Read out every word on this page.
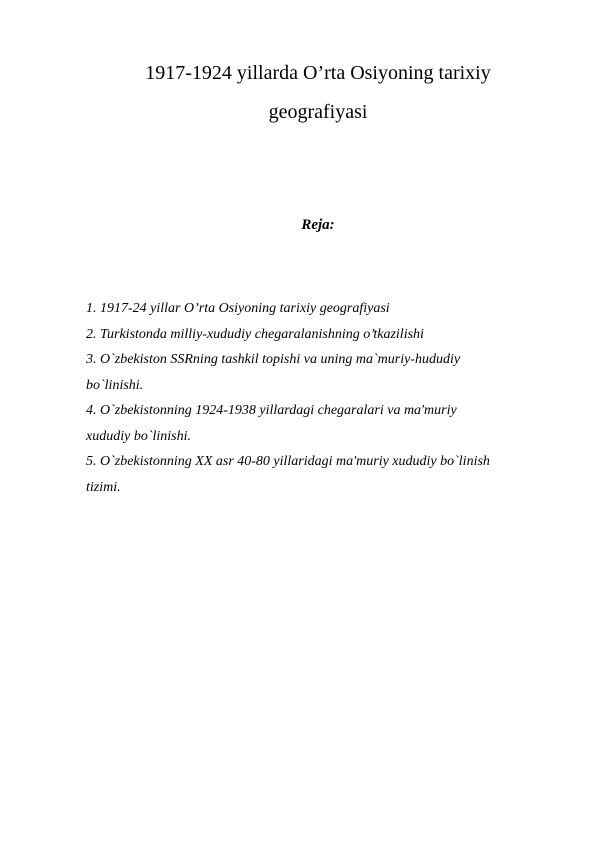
1917-1924 yillarda O’rta Osiyoning tarixiy
geografiyasi
Reja:
1. 1917-24 yillar O’rta Osiyoning tarixiy geografiyasi
2. Turkistonda milliy-xududiy chegaralanishning o’tkazilishi
3. O`zbekiston SSRning tashkil topishi va uning ma`muriy-hududiy
bo`linishi.
4. O`zbekistonning 1924-1938 yillardagi chegaralari va ma'muriy
xududiy bo`linishi.
5. O`zbekistonning XX asr 40-80 yillaridagi ma'muriy xududiy bo`linish
tizimi.
